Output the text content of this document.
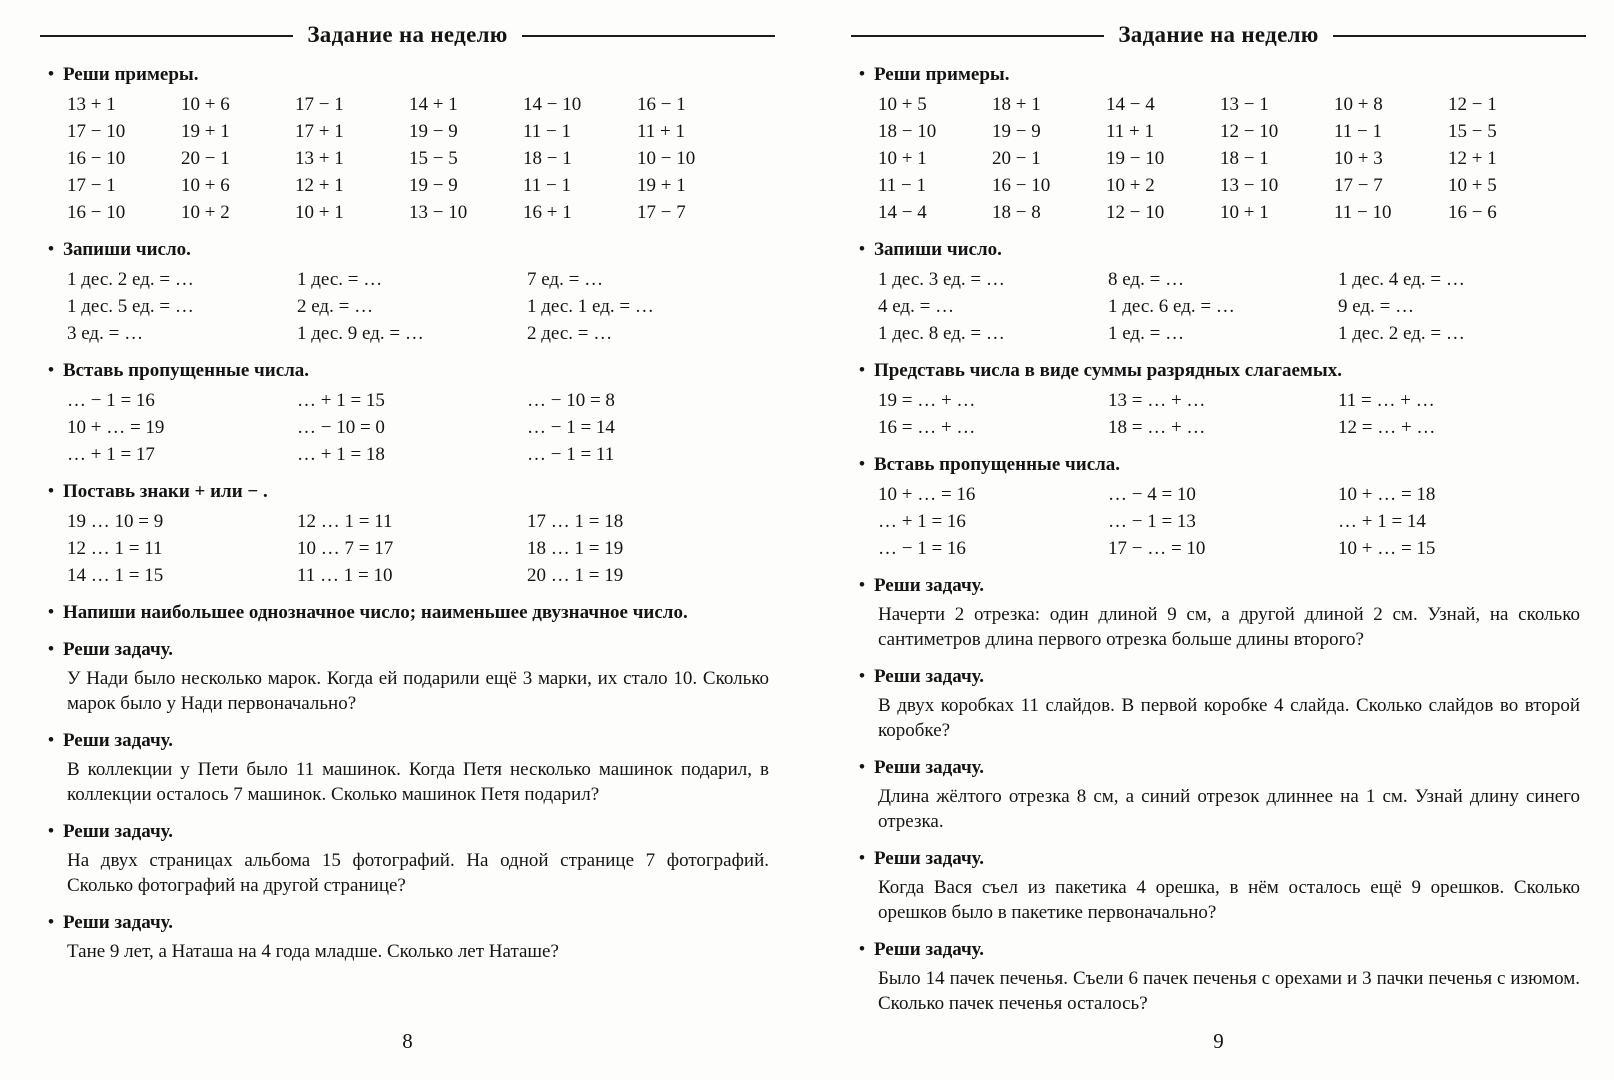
Задание на неделю
• Реши примеры.
13 + 1	10 + 6	17 − 1	14 + 1	14 − 10	16 − 1
17 − 10	19 + 1	17 + 1	19 − 9	11 − 1	11 + 1
16 − 10	20 − 1	13 + 1	15 − 5	18 − 1	10 − 10
17 − 1	10 + 6	12 + 1	19 − 9	11 − 1	19 + 1
16 − 10	10 + 2	10 + 1	13 − 10	16 + 1	17 − 7
• Запиши число.
1 дес. 2 ед. = …	1 дес. = …	7 ед. = …
1 дес. 5 ед. = …	2 ед. = …	1 дес. 1 ед. = …
3 ед. = …	1 дес. 9 ед. = …	2 дес. = …
• Вставь пропущенные числа.
… − 1 = 16	… + 1 = 15	… − 10 = 8
10 + … = 19	… − 10 = 0	… − 1 = 14
… + 1 = 17	… + 1 = 18	… − 1 = 11
• Поставь знаки + или − .
19 … 10 = 9	12 … 1 = 11	17 … 1 = 18
12 … 1 = 11	10 … 7 = 17	18 … 1 = 19
14 … 1 = 15	11 … 1 = 10	20 … 1 = 19
• Напиши наибольшее однозначное число; наименьшее двузначное число.
• Реши задачу.

У Нади было несколько марок. Когда ей подарили ещё 3 марки, их стало 10. Сколько марок было у Нади первоначально?

• Реши задачу.

В коллекции у Пети было 11 машинок. Когда Петя несколько машинок подарил, в коллекции осталось 7 машинок. Сколько машинок Петя подарил?

• Реши задачу.

На двух страницах альбома 15 фотографий. На одной странице 7 фотографий. Сколько фотографий на другой странице?

• Реши задачу.

Тане 9 лет, а Наташа на 4 года младше. Сколько лет Наташе?

8
Задание на неделю
• Реши примеры.
10 + 5	18 + 1	14 − 4	13 − 1	10 + 8	12 − 1
18 − 10	19 − 9	11 + 1	12 − 10	11 − 1	15 − 5
10 + 1	20 − 1	19 − 10	18 − 1	10 + 3	12 + 1
11 − 1	16 − 10	10 + 2	13 − 10	17 − 7	10 + 5
14 − 4	18 − 8	12 − 10	10 + 1	11 − 10	16 − 6
• Запиши число.
1 дес. 3 ед. = …	8 ед. = …	1 дес. 4 ед. = …
4 ед. = …	1 дес. 6 ед. = …	9 ед. = …
1 дес. 8 ед. = …	1 ед. = …	1 дес. 2 ед. = …
• Представь числа в виде суммы разрядных слагаемых.
19 = … + …	13 = … + …	11 = … + …
16 = … + …	18 = … + …	12 = … + …
• Вставь пропущенные числа.
10 + … = 16	… − 4 = 10	10 + … = 18
… + 1 = 16	… − 1 = 13	… + 1 = 14
… − 1 = 16	17 − … = 10	10 + … = 15
• Реши задачу.

Начерти 2 отрезка: один длиной 9 см, а другой длиной 2 см. Узнай, на сколько сантиметров длина первого отрезка больше длины второго?

• Реши задачу.

В двух коробках 11 слайдов. В первой коробке 4 слайда. Сколько слайдов во второй коробке?

• Реши задачу.

Длина жёлтого отрезка 8 см, а синий отрезок длиннее на 1 см. Узнай длину синего отрезка.

• Реши задачу.

Когда Вася съел из пакетика 4 орешка, в нём осталось ещё 9 орешков. Сколько орешков было в пакетике первоначально?

• Реши задачу.

Было 14 пачек печенья. Съели 6 пачек печенья с орехами и 3 пачки печенья с изюмом. Сколько пачек печенья осталось?

9
